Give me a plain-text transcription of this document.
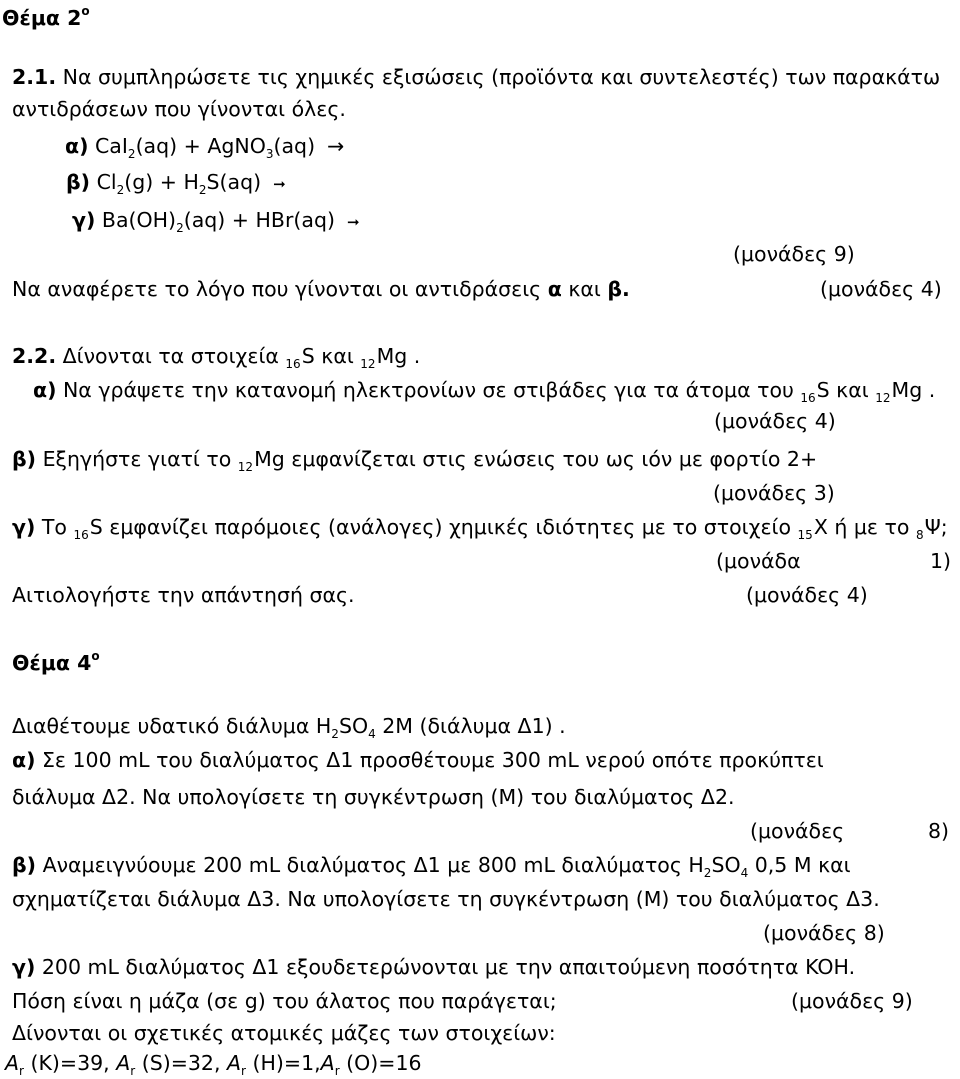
Θέμα $2^o$
2.1. Να συμπληρώσετε τις χημικές εξισώσεις (προϊόντα και συντελεστές) των παρακάτω
αντιδράσεων που γίνονται όλες.
α) CaI$_2$(aq) + AgNO$_3$(aq) →
β) $Cl_2(g) + H_2S(aq)$ ➞
γ) $Ba(OH)_2(aq) + HBr(aq)$ ➞
(μονάδες 9)
Να αναφέρετε το λόγο που γίνονται οι αντιδράσεις α και β.	(μονάδες 4)
2.2. Δίνονται τα στοιχεία $_{16}$S και $_{12}$Mg .
α) Να γράψετε την κατανομή ηλεκτρονίων σε στιβάδες για τα άτομα του $_{16}$S και $_{12}$Mg .
(μονάδες 4)
β) Εξηγήστε γιατί το $_{12}$Mg εμφανίζεται στις ενώσεις του ως ιόν με φορτίο 2+
(μονάδες 3)
γ) Το $_{16}$S εμφανίζει παρόμοιες (ανάλογες) χημικές ιδιότητες με το στοιχείο $_{15}$Χ ή με το $_8$Ψ;
(μονάδα	1)
Αιτιολογήστε την απάντησή σας.	(μονάδες 4)
Θέμα $4^o$
Διαθέτουμε υδατικό διάλυμα $H_2SO_4$ 2M (διάλυμα Δ1) .
α) Σε 100 mL του διαλύματος Δ1 προσθέτουμε 300 mL νερού οπότε προκύπτει
διάλυμα Δ2. Να υπολογίσετε τη συγκέντρωση (M) του διαλύματος Δ2.
(μονάδες	8)
β) Αναμειγνύουμε 200 mL διαλύματος Δ1 με 800 mL διαλύματος $H_2SO_4$ 0,5 M και
σχηματίζεται διάλυμα Δ3. Να υπολογίσετε τη συγκέντρωση (M) του διαλύματος Δ3.
(μονάδες 8)
γ) 200 mL διαλύματος Δ1 εξουδετερώνονται με την απαιτούμενη ποσότητα KOH.
Πόση είναι η μάζα (σε g) του άλατος που παράγεται;	(μονάδες 9)
Δίνονται οι σχετικές ατομικές μάζες των στοιχείων:
$A_r$ (K)=39, $A_r$ (S)=32, $A_r$ $(H)=1,A_r$ (O)=16
